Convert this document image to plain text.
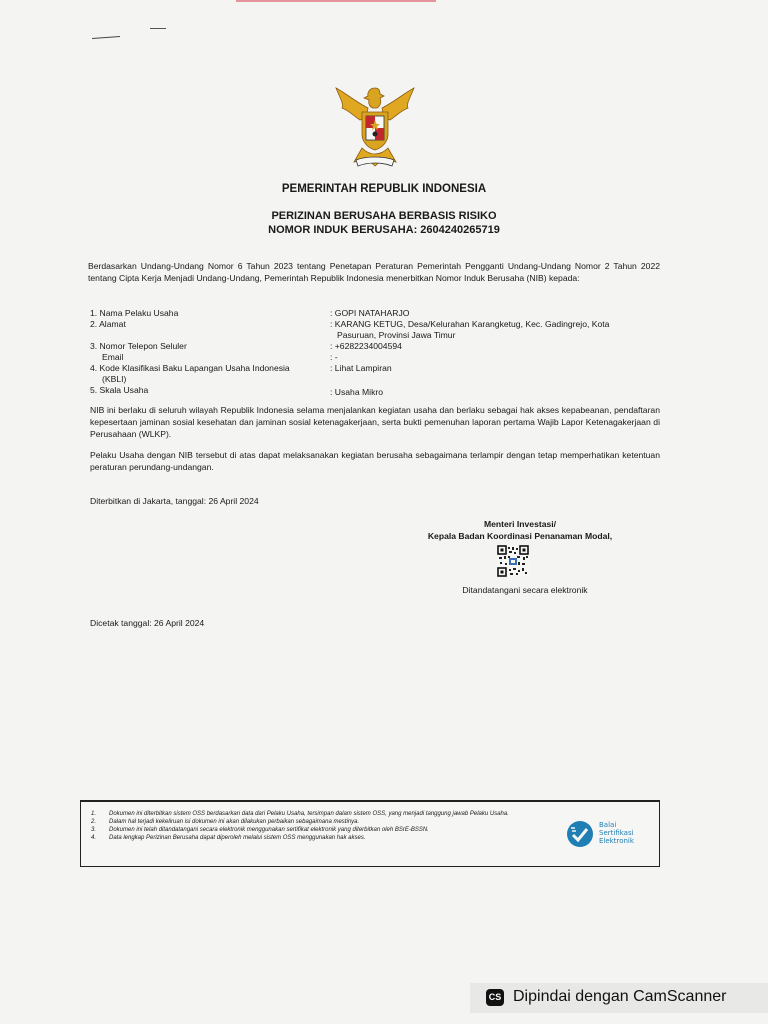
PEMERINTAH REPUBLIK INDONESIA
PERIZINAN BERUSAHA BERBASIS RISIKO
NOMOR INDUK BERUSAHA: 2604240265719
Berdasarkan Undang-Undang Nomor 6 Tahun 2023 tentang Penetapan Peraturan Pemerintah Pengganti Undang-Undang Nomor 2 Tahun 2022 tentang Cipta Kerja Menjadi Undang-Undang, Pemerintah Republik Indonesia menerbitkan Nomor Induk Berusaha (NIB) kepada:
1. Nama Pelaku Usaha	: GOPI NATAHARJO
2. Alamat	: KARANG KETUG, Desa/Kelurahan Karangketug, Kec. Gadingrejo, Kota
Pasuruan, Provinsi Jawa Timur
3. Nomor Telepon Seluler	: +6282234004594
Email	: -
4. Kode Klasifikasi Baku Lapangan Usaha Indonesia
(KBLI)
: Lihat Lampiran
5. Skala Usaha	: Usaha Mikro
NIB ini berlaku di seluruh wilayah Republik Indonesia selama menjalankan kegiatan usaha dan berlaku sebagai hak akses kepabeanan, pendaftaran kepesertaan jaminan sosial kesehatan dan jaminan sosial ketenagakerjaan, serta bukti pemenuhan laporan pertama Wajib Lapor Ketenagakerjaan di Perusahaan (WLKP).
Pelaku Usaha dengan NIB tersebut di atas dapat melaksanakan kegiatan berusaha sebagaimana terlampir dengan tetap memperhatikan ketentuan peraturan perundang-undangan.
Diterbitkan di Jakarta, tanggal: 26 April 2024
Menteri Investasi/
Kepala Badan Koordinasi Penanaman Modal,
Ditandatangani secara elektronik
Dicetak tanggal: 26 April 2024
1. Dokumen ini diterbitkan sistem OSS berdasarkan data dari Pelaku Usaha, tersimpan dalam sistem OSS, yang menjadi tanggung jawab Pelaku Usaha.
2. Dalam hal terjadi kekeliruan isi dokumen ini akan dilakukan perbaikan sebagaimana mestinya.
3. Dokumen ini telah ditandatangani secara elektronik menggunakan sertifikat elektronik yang diterbitkan oleh BSrE-BSSN.
4. Data lengkap Perizinan Berusaha dapat diperoleh melalui sistem OSS menggunakan hak akses.
Balai
Sertifikasi
Elektronik
CS Dipindai dengan CamScanner
